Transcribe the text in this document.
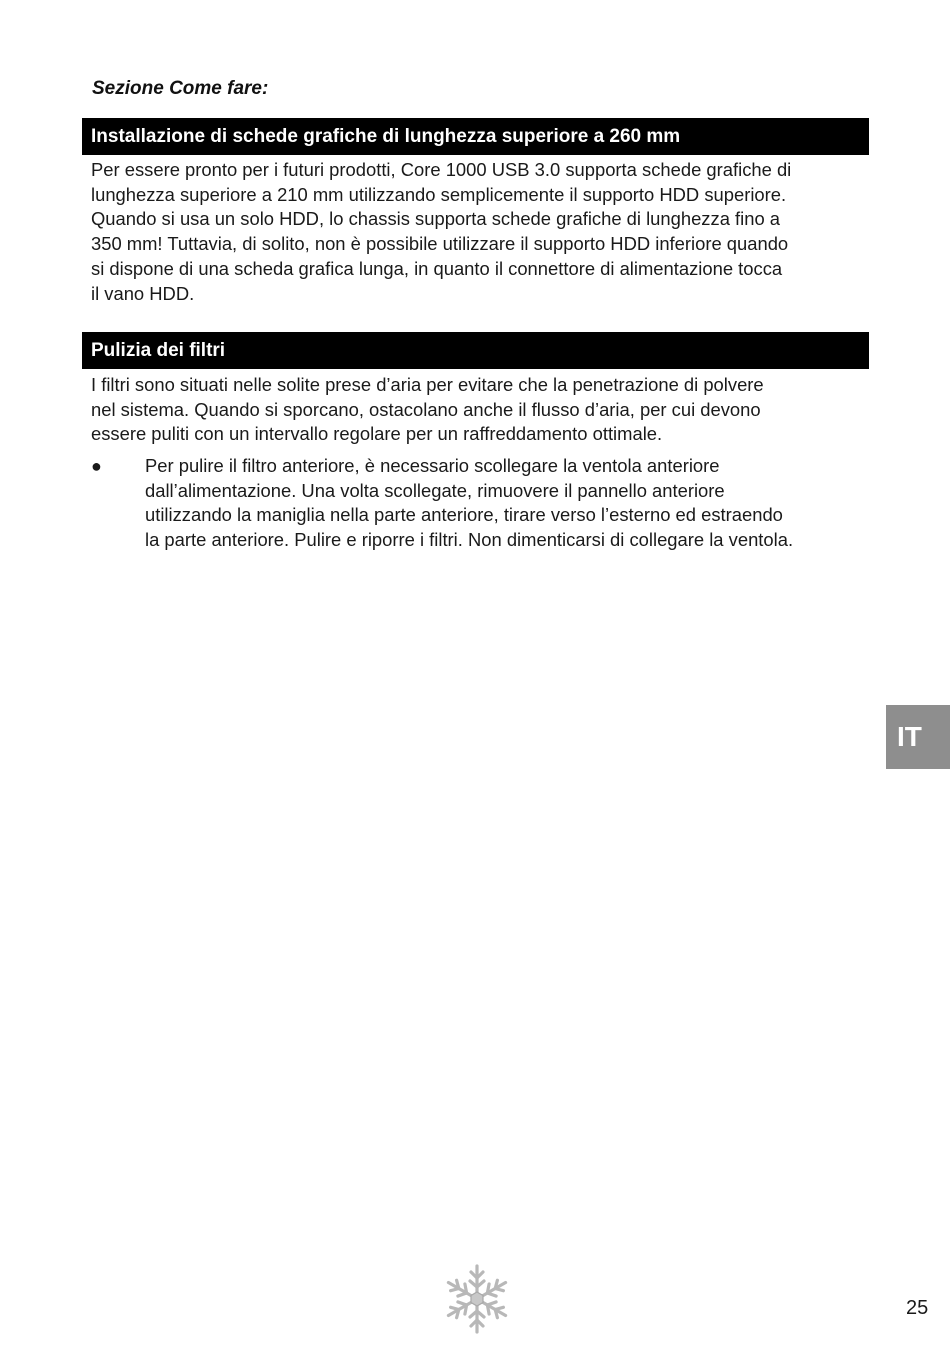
Sezione Come fare:
Installazione di schede grafiche di lunghezza superiore a 260 mm
Per essere pronto per i futuri prodotti, Core 1000 USB 3.0 supporta schede grafiche di
lunghezza superiore a 210 mm utilizzando semplicemente il supporto HDD superiore.
Quando si usa un solo HDD, lo chassis supporta schede grafiche di lunghezza fino a
350 mm! Tuttavia, di solito, non è possibile utilizzare il supporto HDD inferiore quando
si dispone di una scheda grafica lunga, in quanto il connettore di alimentazione tocca
il vano HDD.
Pulizia dei filtri
I filtri sono situati nelle solite prese d’aria per evitare che la penetrazione di polvere
nel sistema. Quando si sporcano, ostacolano anche il flusso d’aria, per cui devono
essere puliti con un intervallo regolare per un raffreddamento ottimale.
● Per pulire il filtro anteriore, è necessario scollegare la ventola anteriore
dall’alimentazione. Una volta scollegate, rimuovere il pannello anteriore
utilizzando la maniglia nella parte anteriore, tirare verso l’esterno ed estraendo
la parte anteriore. Pulire e riporre i filtri. Non dimenticarsi di collegare la ventola.
IT
25
